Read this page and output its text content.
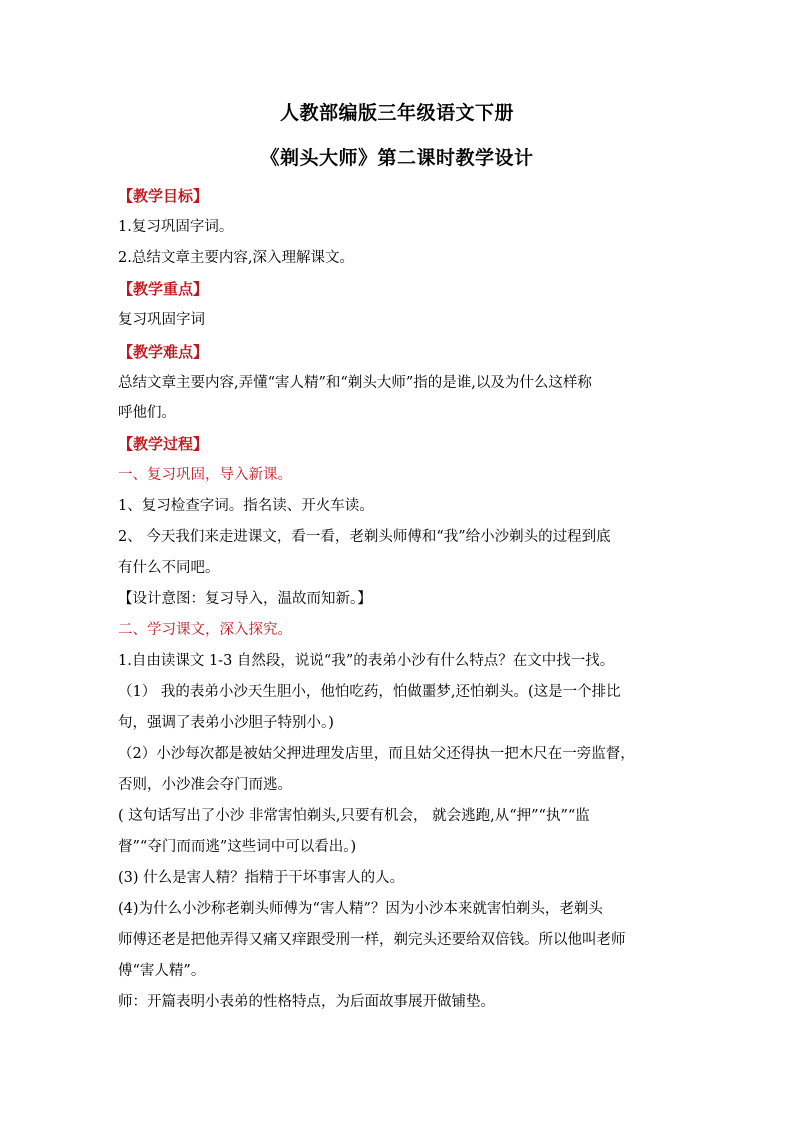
人教部编版三年级语文下册
《剃头大师》第二课时教学设计
【教学目标】
1.复习巩固字词。
2.总结文章主要内容,深入理解课文。
【教学重点】
复习巩固字词
【教学难点】
总结文章主要内容,弄懂“害人精”和“剃头大师”指的是谁,以及为什么这样称
呼他们。
【教学过程】
一、复习巩固，导入新课。
1、复习检查字词。指名读、开火车读。
2、 今天我们来走进课文，看一看，老剃头师傅和“我”给小沙剃头的过程到底
有什么不同吧。
【设计意图：复习导入，温故而知新。】
二、学习课文，深入探究。
1.自由读课文 1-3 自然段，说说“我”的表弟小沙有什么特点？在文中找一找。
（1） 我的表弟小沙天生胆小，他怕吃药，怕做噩梦,还怕剃头。(这是一个排比
句，强调了表弟小沙胆子特别小。)
（2）小沙每次都是被姑父押进理发店里，而且姑父还得执一把木尺在一旁监督，
否则，小沙准会夺门而逃。
( 这句话写出了小沙 非常害怕剃头,只要有机会， 就会逃跑,从“押”“执”“监
督”“夺门而而逃”这些词中可以看出。)
(3) 什么是害人精？指精于干坏事害人的人。
(4)为什么小沙称老剃头师傅为“害人精”？因为小沙本来就害怕剃头，老剃头
师傅还老是把他弄得又痛又痒跟受刑一样，剃完头还要给双倍钱。所以他叫老师
傅“害人精”。
师：开篇表明小表弟的性格特点，为后面故事展开做铺垫。
